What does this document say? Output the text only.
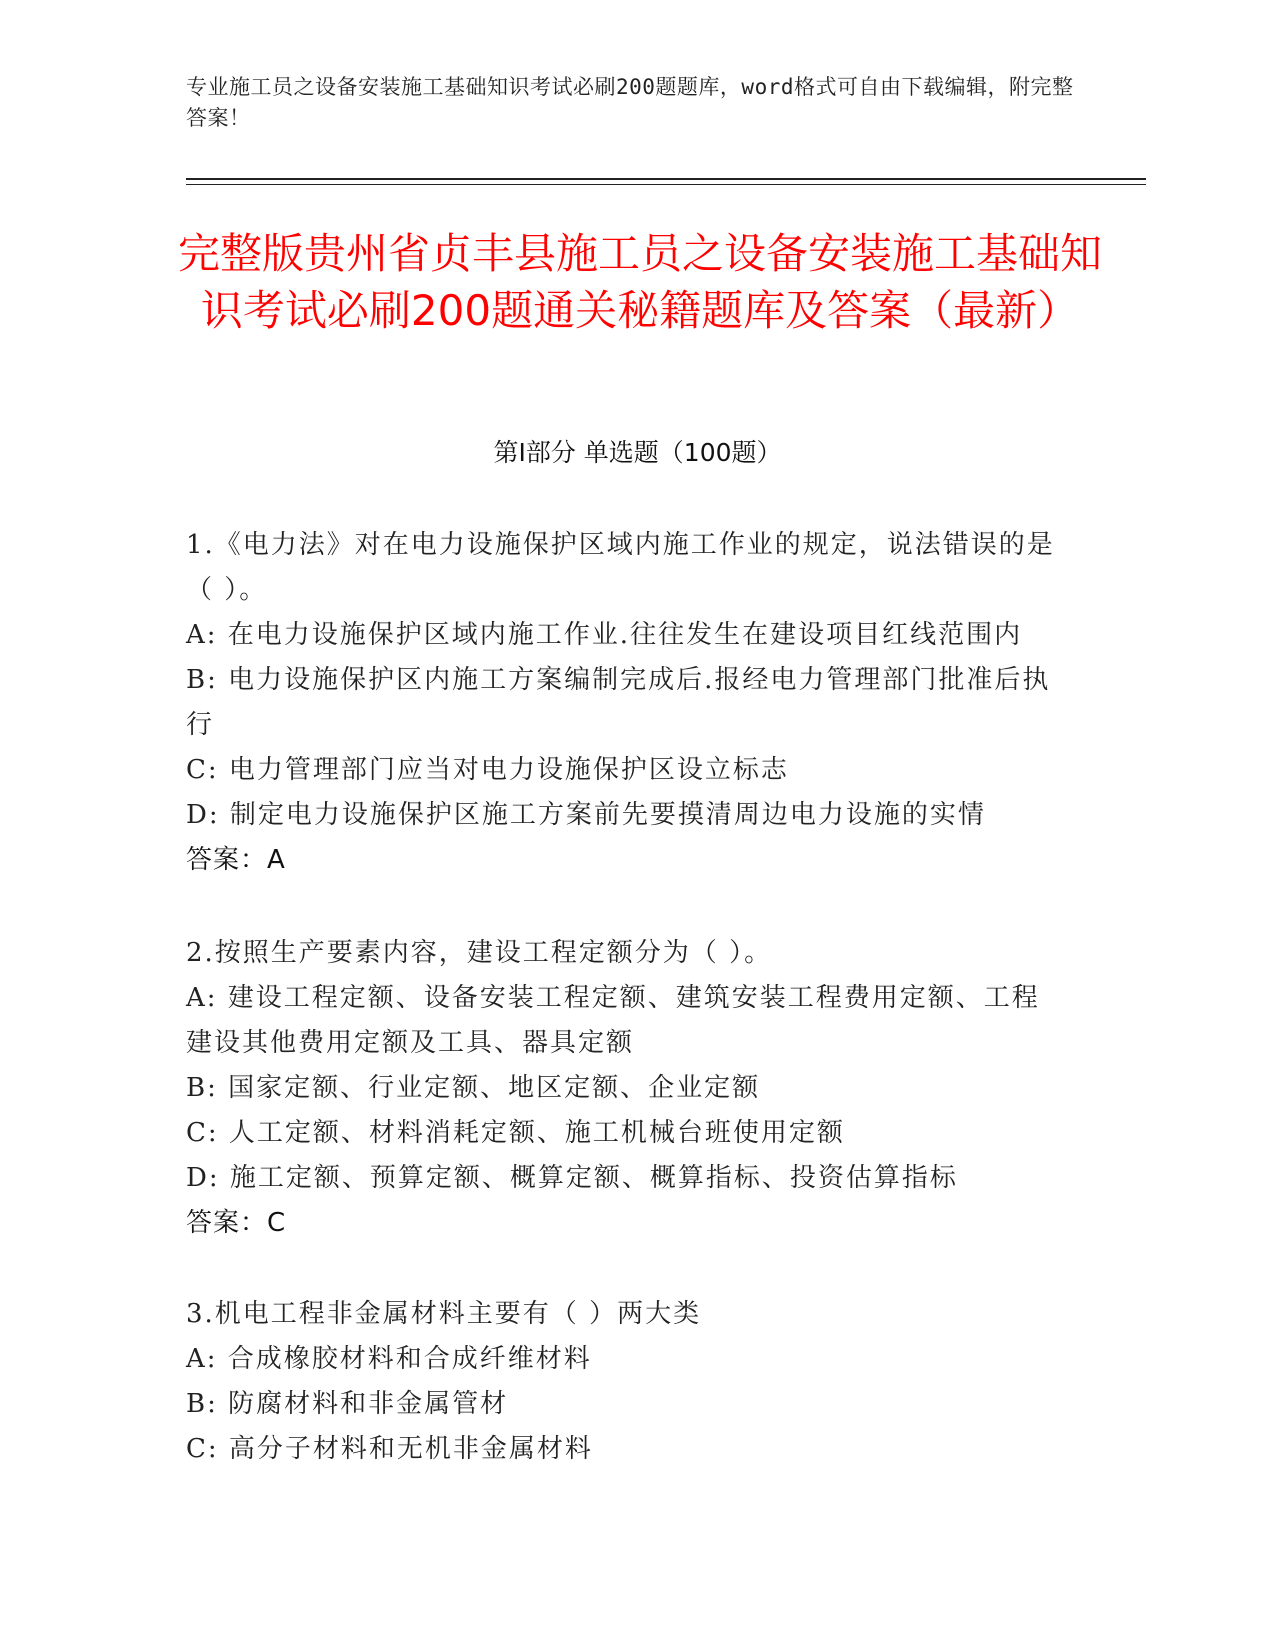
专业施工员之设备安装施工基础知识考试必刷200题题库，word格式可自由下载编辑，附完整答案！
完整版贵州省贞丰县施工员之设备安装施工基础知识考试必刷200题通关秘籍题库及答案（最新）
第Ⅰ部分 单选题（100题）
1.《电力法》对在电力设施保护区域内施工作业的规定，说法错误的是（ ）。
A: 在电力设施保护区域内施工作业.往往发生在建设项目红线范围内
B: 电力设施保护区内施工方案编制完成后.报经电力管理部门批准后执行
C: 电力管理部门应当对电力设施保护区设立标志
D: 制定电力设施保护区施工方案前先要摸清周边电力设施的实情
答案：A
2.按照生产要素内容，建设工程定额分为（ ）。
A: 建设工程定额、设备安装工程定额、建筑安装工程费用定额、工程建设其他费用定额及工具、器具定额
B: 国家定额、行业定额、地区定额、企业定额
C: 人工定额、材料消耗定额、施工机械台班使用定额
D: 施工定额、预算定额、概算定额、概算指标、投资估算指标
答案：C
3.机电工程非金属材料主要有（ ）两大类
A: 合成橡胶材料和合成纤维材料
B: 防腐材料和非金属管材
C: 高分子材料和无机非金属材料
